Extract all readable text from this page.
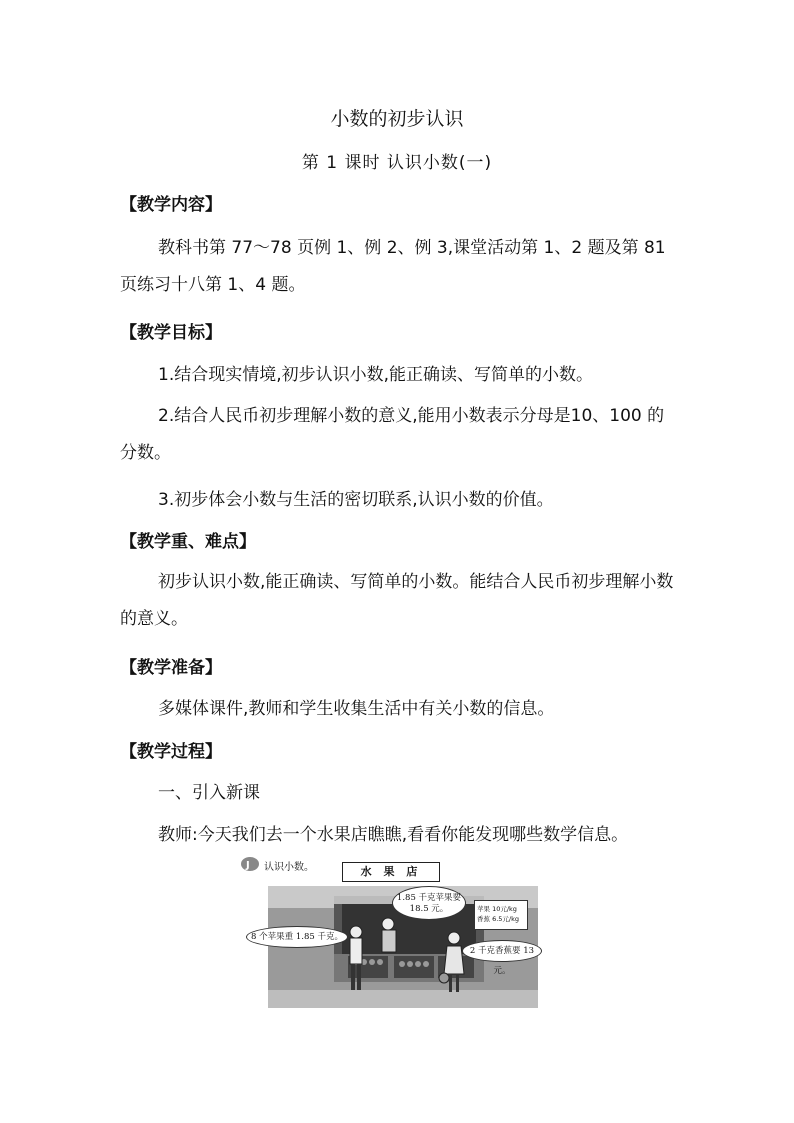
小数的初步认识
第 1 课时 认识小数(一)
【教学内容】
教科书第 77～78 页例 1、例 2、例 3,课堂活动第 1、2 题及第 81 页练习十八第 1、4 题。
【教学目标】
1.结合现实情境,初步认识小数,能正确读、写简单的小数。
2.结合人民币初步理解小数的意义,能用小数表示分母是10、100 的分数。
3.初步体会小数与生活的密切联系,认识小数的价值。
【教学重、难点】
初步认识小数,能正确读、写简单的小数。能结合人民币初步理解小数的意义。
【教学准备】
多媒体课件,教师和学生收集生活中有关小数的信息。
【教学过程】
一、引入新课
教师:今天我们去一个水果店瞧瞧,看看你能发现哪些数学信息。
J 认识小数。	水 果 店
1.85 千克苹果要 18.5 元。
8 个苹果重 1.85 千克。
2 千克香蕉要 13 元。
苹果 10元/kg
香蕉 6.5元/kg
